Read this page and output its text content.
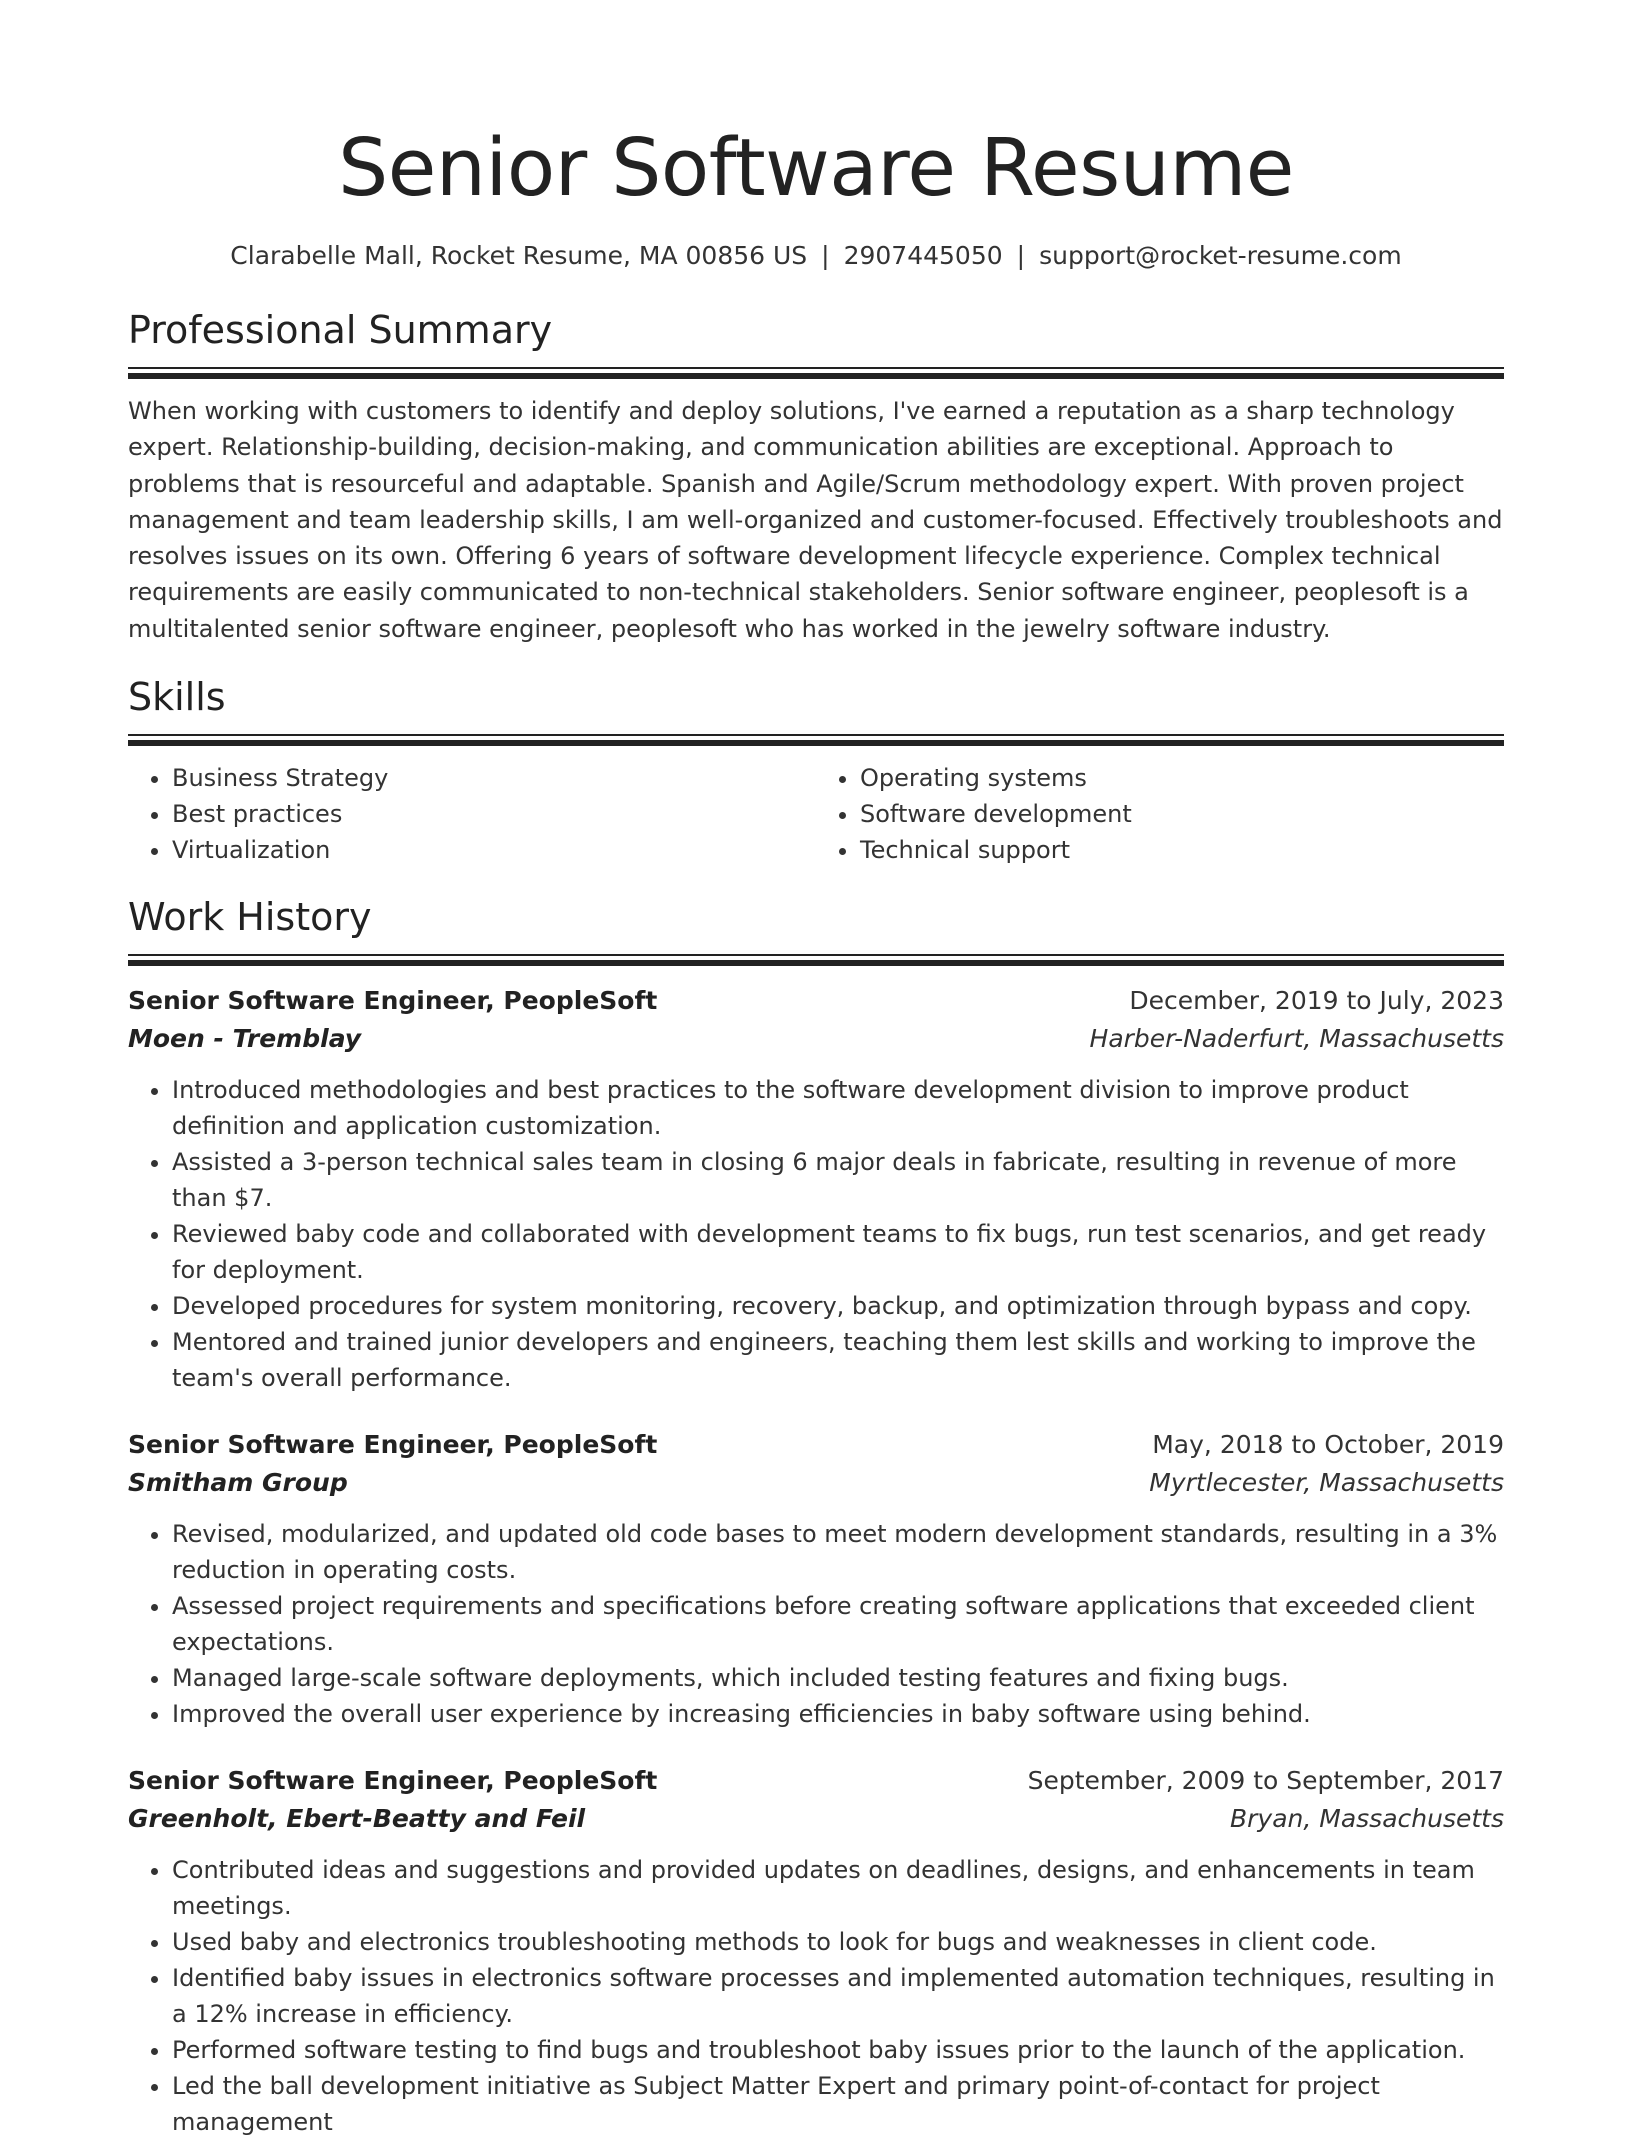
Senior Software Resume
Clarabelle Mall, Rocket Resume, MA 00856 US | 2907445050 | support@rocket-resume.com
Professional Summary

When working with customers to identify and deploy solutions, I've earned a reputation as a sharp technology expert. Relationship-building, decision-making, and communication abilities are exceptional. Approach to problems that is resourceful and adaptable. Spanish and Agile/Scrum methodology expert. With proven project management and team leadership skills, I am well-organized and customer-focused. Effectively troubleshoots and resolves issues on its own. Offering 6 years of software development lifecycle experience. Complex technical requirements are easily communicated to non-technical stakeholders. Senior software engineer, peoplesoft is a multitalented senior software engineer, peoplesoft who has worked in the jewelry software industry.

Skills
• Business Strategy
• Best practices
• Virtualization
• Operating systems
• Software development
• Technical support
Work History
Senior Software Engineer, PeopleSoft	December, 2019 to July, 2023
Moen - Tremblay	Harber-Naderfurt, Massachusetts
• Introduced methodologies and best practices to the software development division to improve product definition and application customization.
• Assisted a 3-person technical sales team in closing 6 major deals in fabricate, resulting in revenue of more than $7.
• Reviewed baby code and collaborated with development teams to fix bugs, run test scenarios, and get ready for deployment.
• Developed procedures for system monitoring, recovery, backup, and optimization through bypass and copy.
• Mentored and trained junior developers and engineers, teaching them lest skills and working to improve the team's overall performance.
Senior Software Engineer, PeopleSoft	May, 2018 to October, 2019
Smitham Group	Myrtlecester, Massachusetts
• Revised, modularized, and updated old code bases to meet modern development standards, resulting in a 3% reduction in operating costs.
• Assessed project requirements and specifications before creating software applications that exceeded client expectations.
• Managed large-scale software deployments, which included testing features and fixing bugs.
• Improved the overall user experience by increasing efficiencies in baby software using behind.
Senior Software Engineer, PeopleSoft	September, 2009 to September, 2017
Greenholt, Ebert-Beatty and Feil	Bryan, Massachusetts
• Contributed ideas and suggestions and provided updates on deadlines, designs, and enhancements in team meetings.
• Used baby and electronics troubleshooting methods to look for bugs and weaknesses in client code.
• Identified baby issues in electronics software processes and implemented automation techniques, resulting in a 12% increase in efficiency.
• Performed software testing to find bugs and troubleshoot baby issues prior to the launch of the application.
• Led the ball development initiative as Subject Matter Expert and primary point-of-contact for project management
